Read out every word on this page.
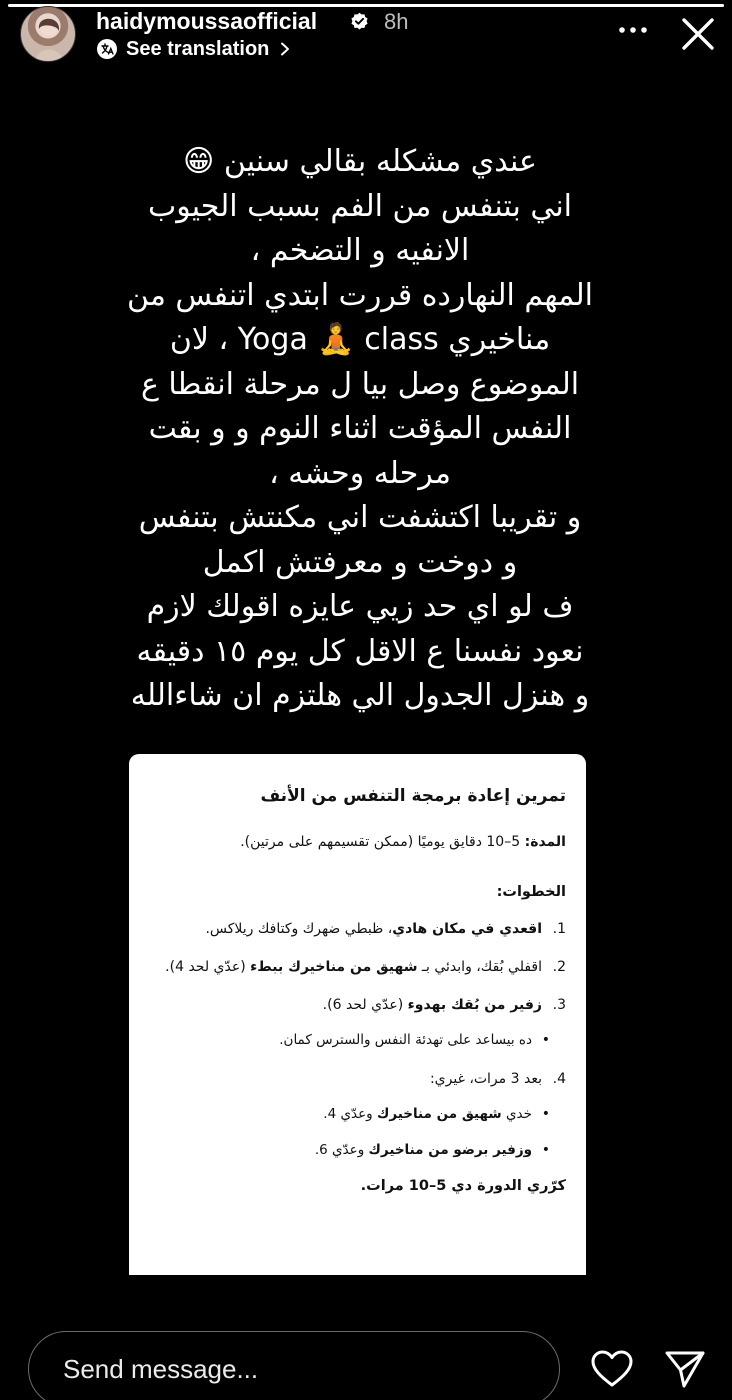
haidymoussaofficial	8h
See translation
عندي مشكله بقالي سنين 😁
اني بتنفس من الفم بسبب الجيوب
الانفيه و التضخم ،
المهم النهارده قررت ابتدي اتنفس من
مناخيري Yoga 🧘 class ، لان
الموضوع وصل بيا ل مرحلة انقطا ع
النفس المؤقت اثناء النوم و و بقت
مرحله وحشه ،
و تقريبا اكتشفت اني مكنتش بتنفس
و دوخت و معرفتش اكمل
ف لو اي حد زيي عايزه اقولك لازم
نعود نفسنا ع الاقل كل يوم ١٥ دقيقه
و هنزل الجدول الي هلتزم ان شاءالله
تمرين إعادة برمجة التنفس من الأنف
المدة: 5–10 دقايق يوميًا (ممكن تقسيمهم على مرتين).
الخطوات:
1.
اقعدي في مكان هادي، ظبطي ضهرك وكتافك ريلاكس.
2.
اقفلي بُقك، وابدئي بـ شهيق من مناخيرك ببطء (عدّي لحد 4).
3.
زفير من بُقك بهدوء (عدّي لحد 6).
•
ده بيساعد على تهدئة النفس والسترس كمان.
4.
بعد 3 مرات، غيري:
•
خدي شهيق من مناخيرك وعدّي 4.
•
وزفير برضو من مناخيرك وعدّي 6.
كرّري الدورة دي 5–10 مرات.
Send message...
